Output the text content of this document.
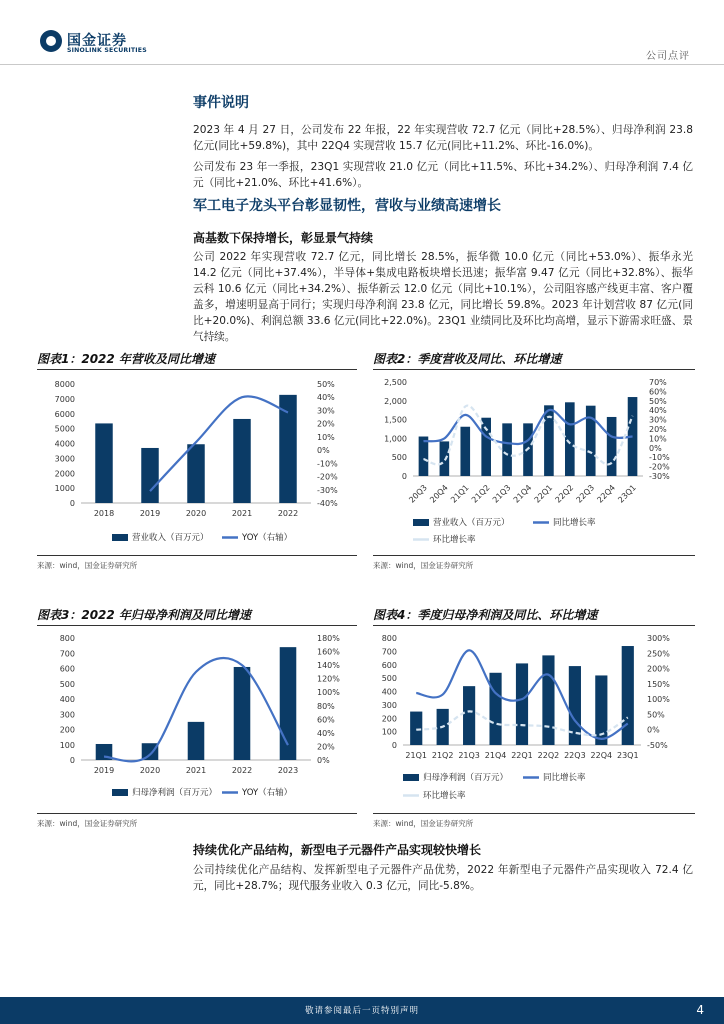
国金证券
SINOLINK SECURITIES
公司点评
事件说明

2023 年 4 月 27 日，公司发布 22 年报，22 年实现营收 72.7 亿元（同比+28.5%）、归母净利润 23.8 亿元(同比+59.8%)，其中 22Q4 实现营收 15.7 亿元(同比+11.2%、环比-16.0%)。

公司发布 23 年一季报，23Q1 实现营收 21.0 亿元（同比+11.5%、环比+34.2%）、归母净利润 7.4 亿元（同比+21.0%、环比+41.6%）。

军工电子龙头平台彰显韧性，营收与业绩高速增长
高基数下保持增长，彰显景气持续

公司 2022 年实现营收 72.7 亿元，同比增长 28.5%，振华微 10.0 亿元（同比+53.0%）、振华永光 14.2 亿元（同比+37.4%），半导体+集成电路板块增长迅速；振华富 9.47 亿元（同比+32.8%）、振华云科 10.6 亿元（同比+34.2%）、振华新云 12.0 亿元（同比+10.1%），公司阻容感产线更丰富、客户覆盖多，增速明显高于同行；实现归母净利润 23.8 亿元，同比增长 59.8%。2023 年计划营收 87 亿元(同比+20.0%)、利润总额 33.6 亿元(同比+22.0%)。23Q1 业绩同比及环比均高增，显示下游需求旺盛、景气持续。

图表1：2022 年营收及同比增速	图表2：季度营收及同比、环比增速
0
1000
2000
3000
4000
5000
6000
7000
8000
-40%
-30%
-20%
-10%
0%
10%
20%
30%
40%
50%
2018	2019	2020	2021	2022
营业收入（百万元）	YOY（右轴）
0
500
1,000
1,500
2,000
2,500
-30%
-20%
-10%
0%
10%
20%
30%
40%
50%
60%
70%
20Q3 20Q4 21Q1 21Q2 21Q3 21Q4 22Q1 22Q2 22Q3 22Q4 23Q1
营业收入（百万元）	同比增长率
环比增长率
来源：wind，国金证券研究所	来源：wind，国金证券研究所
图表3：2022 年归母净利润及同比增速	图表4：季度归母净利润及同比、环比增速
0
100
200
300
400
500
600
700
800
0%
20%
40%
60%
80%
100%
120%
140%
160%
180%
2019	2020	2021	2022	2023
归母净利润（百万元）	YOY（右轴）
0
100
200
300
400
500
600
700
800
-50%
0%
50%
100%
150%
200%
250%
300%
21Q1 21Q2 21Q3 21Q4 22Q1 22Q2 22Q3 22Q4 23Q1
归母净利润（百万元）	同比增长率
环比增长率
来源：wind，国金证券研究所	来源：wind，国金证券研究所
持续优化产品结构，新型电子元器件产品实现较快增长

公司持续优化产品结构、发挥新型电子元器件产品优势，2022 年新型电子元器件产品实现收入 72.4 亿元，同比+28.7%；现代服务业收入 0.3 亿元，同比-5.8%。

敬请参阅最后一页特别声明	4
